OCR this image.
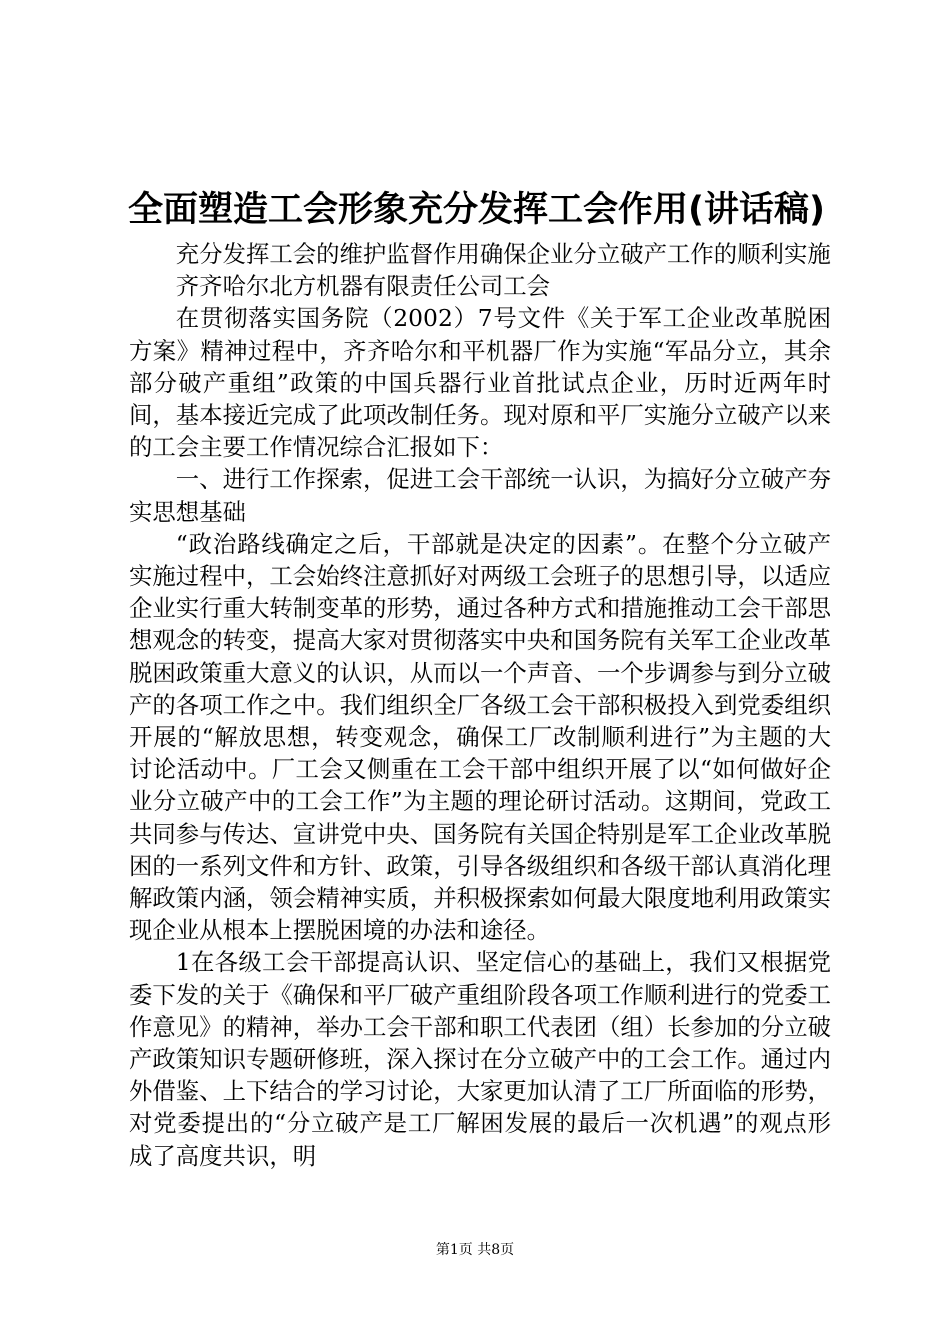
全面塑造工会形象充分发挥工会作用(讲话稿)

充分发挥工会的维护监督作用确保企业分立破产工作的顺利实施

齐齐哈尔北方机器有限责任公司工会

在贯彻落实国务院（2002）7号文件《关于军工企业改革脱困方案》精神过程中，齐齐哈尔和平机器厂作为实施“军品分立，其余部分破产重组”政策的中国兵器行业首批试点企业，历时近两年时间，基本接近完成了此项改制任务。现对原和平厂实施分立破产以来的工会主要工作情况综合汇报如下：

一、进行工作探索，促进工会干部统一认识，为搞好分立破产夯实思想基础

“政治路线确定之后，干部就是决定的因素”。在整个分立破产实施过程中，工会始终注意抓好对两级工会班子的思想引导，以适应企业实行重大转制变革的形势，通过各种方式和措施推动工会干部思想观念的转变，提高大家对贯彻落实中央和国务院有关军工企业改革脱困政策重大意义的认识，从而以一个声音、一个步调参与到分立破产的各项工作之中。我们组织全厂各级工会干部积极投入到党委组织开展的“解放思想，转变观念，确保工厂改制顺利进行”为主题的大讨论活动中。厂工会又侧重在工会干部中组织开展了以“如何做好企业分立破产中的工会工作”为主题的理论研讨活动。这期间，党政工共同参与传达、宣讲党中央、国务院有关国企特别是军工企业改革脱困的一系列文件和方针、政策，引导各级组织和各级干部认真消化理解政策内涵，领会精神实质，并积极探索如何最大限度地利用政策实现企业从根本上摆脱困境的办法和途径。

1在各级工会干部提高认识、坚定信心的基础上，我们又根据党委下发的关于《确保和平厂破产重组阶段各项工作顺利进行的党委工作意见》的精神，举办工会干部和职工代表团（组）长参加的分立破产政策知识专题研修班，深入探讨在分立破产中的工会工作。通过内外借鉴、上下结合的学习讨论，大家更加认清了工厂所面临的形势，对党委提出的“分立破产是工厂解困发展的最后一次机遇”的观点形成了高度共识，明

第1页 共8页
